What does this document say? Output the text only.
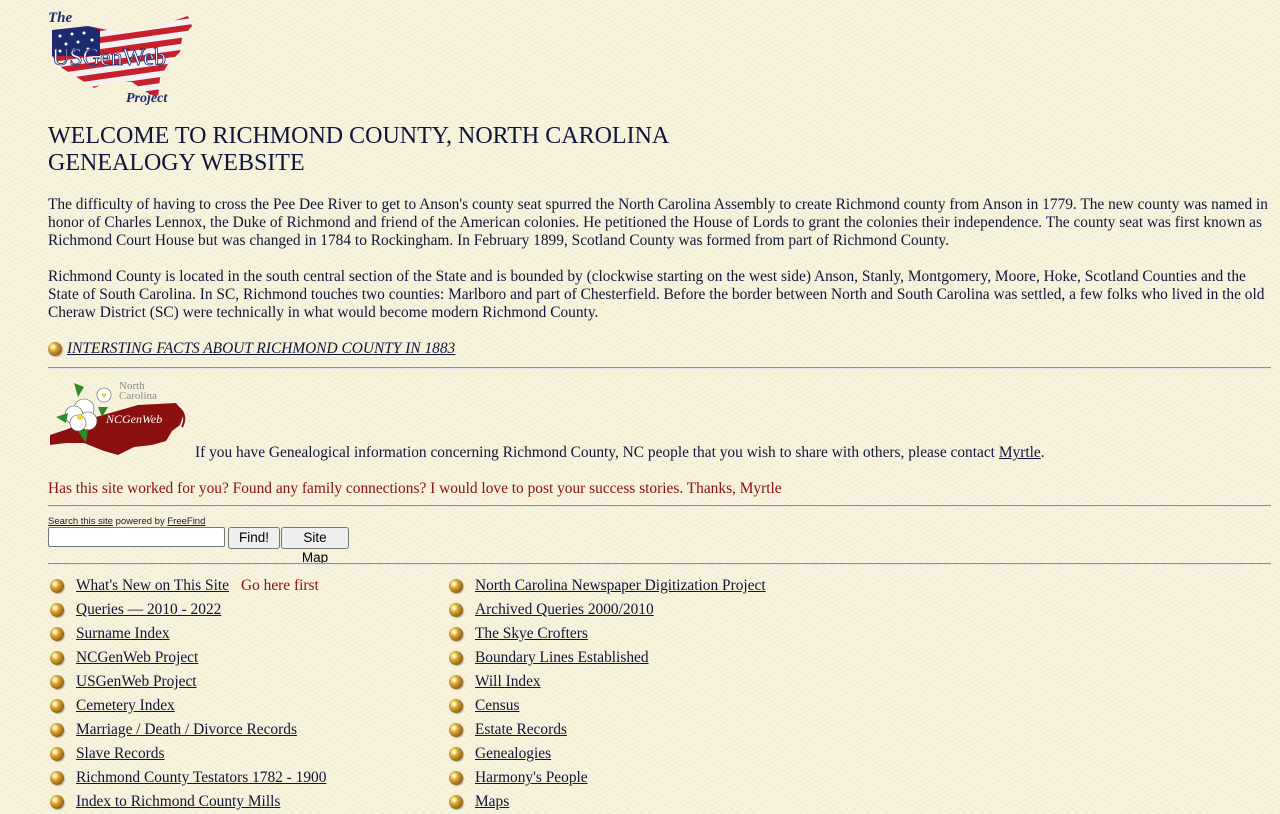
The
USGenWeb
Project
WELCOME TO RICHMOND COUNTY, NORTH CAROLINA
GENEALOGY WEBSITE

The difficulty of having to cross the Pee Dee River to get to Anson's county seat spurred the North Carolina Assembly to create Richmond county from Anson in 1779. The new county was named in honor of Charles Lennox, the Duke of Richmond and friend of the American colonies. He petitioned the House of Lords to grant the colonies their independence. The county seat was first known as Richmond Court House but was changed in 1784 to Rockingham. In February 1899, Scotland County was formed from part of Richmond County.

Richmond County is located in the south central section of the State and is bounded by (clockwise starting on the west side) Anson, Stanly, Montgomery, Moore, Hoke, Scotland Counties and the State of South Carolina. In SC, Richmond touches two counties: Marlboro and part of Chesterfield. Before the border between North and South Carolina was settled, a few folks who lived in the old Cheraw District (SC) were technically in what would become modern Richmond County.

INTERSTING FACTS ABOUT RICHMOND COUNTY IN 1883
North
Carolina
NCGenWeb
If you have Genealogical information concerning Richmond County, NC people that you wish to share with others, please contact Myrtle.
Has this site worked for you? Found any family connections? I would love to post your success stories. Thanks, Myrtle
Search this site powered by FreeFind
Find!	Site Map
What's New on This Site Go here first
Queries — 2010 - 2022
Surname Index
NCGenWeb Project
USGenWeb Project
Cemetery Index
Marriage / Death / Divorce Records
Slave Records
Richmond County Testators 1782 - 1900
Index to Richmond County Mills
North Carolina Newspaper Digitization Project
Archived Queries 2000/2010
The Skye Crofters
Boundary Lines Established
Will Index
Census
Estate Records
Genealogies
Harmony's People
Maps
